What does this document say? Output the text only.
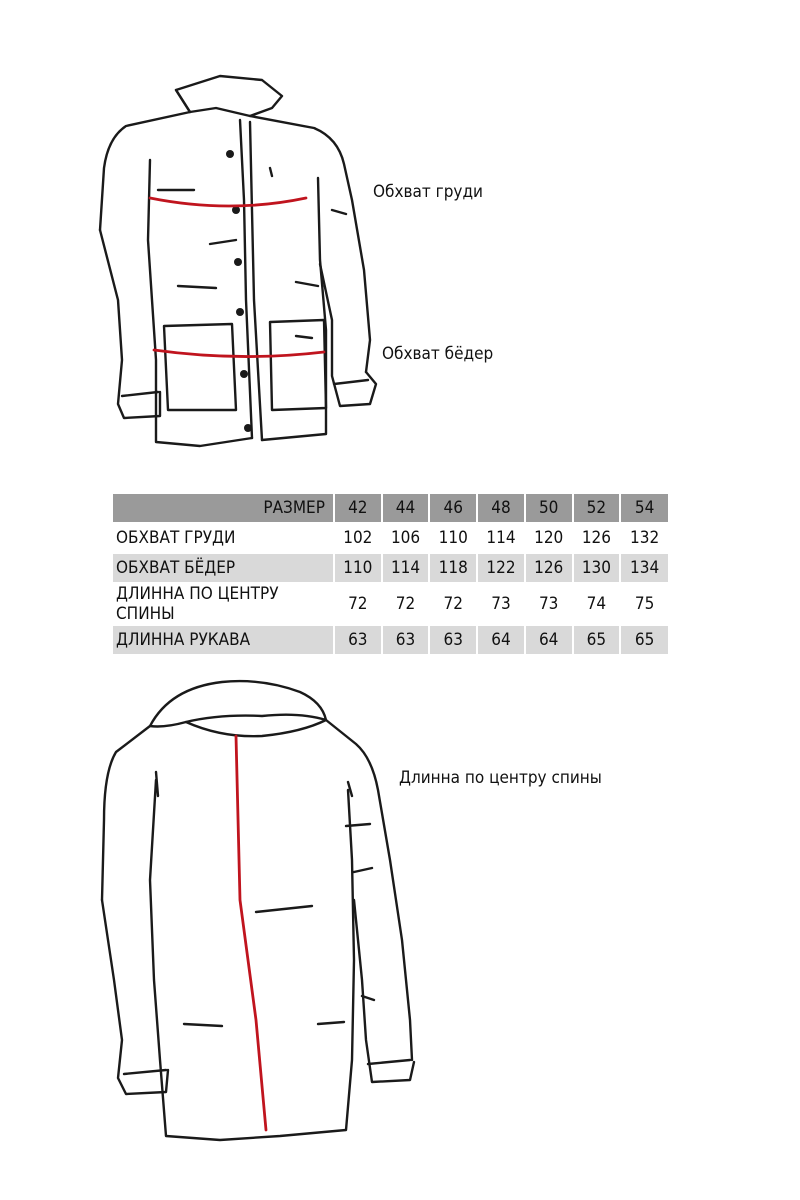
Обхват груди
Обхват бёдер
РАЗМЕР	42	44	46	48	50	52	54
ОБХВАТ ГРУДИ	102	106	110	114	120	126	132
ОБХВАТ БЁДЕР	110	114	118	122	126	130	134
ДЛИННА ПО ЦЕНТРУ СПИНЫ	72	72	72	73	73	74	75
ДЛИННА РУКАВА	63	63	63	64	64	65	65
Длинна по центру спины
